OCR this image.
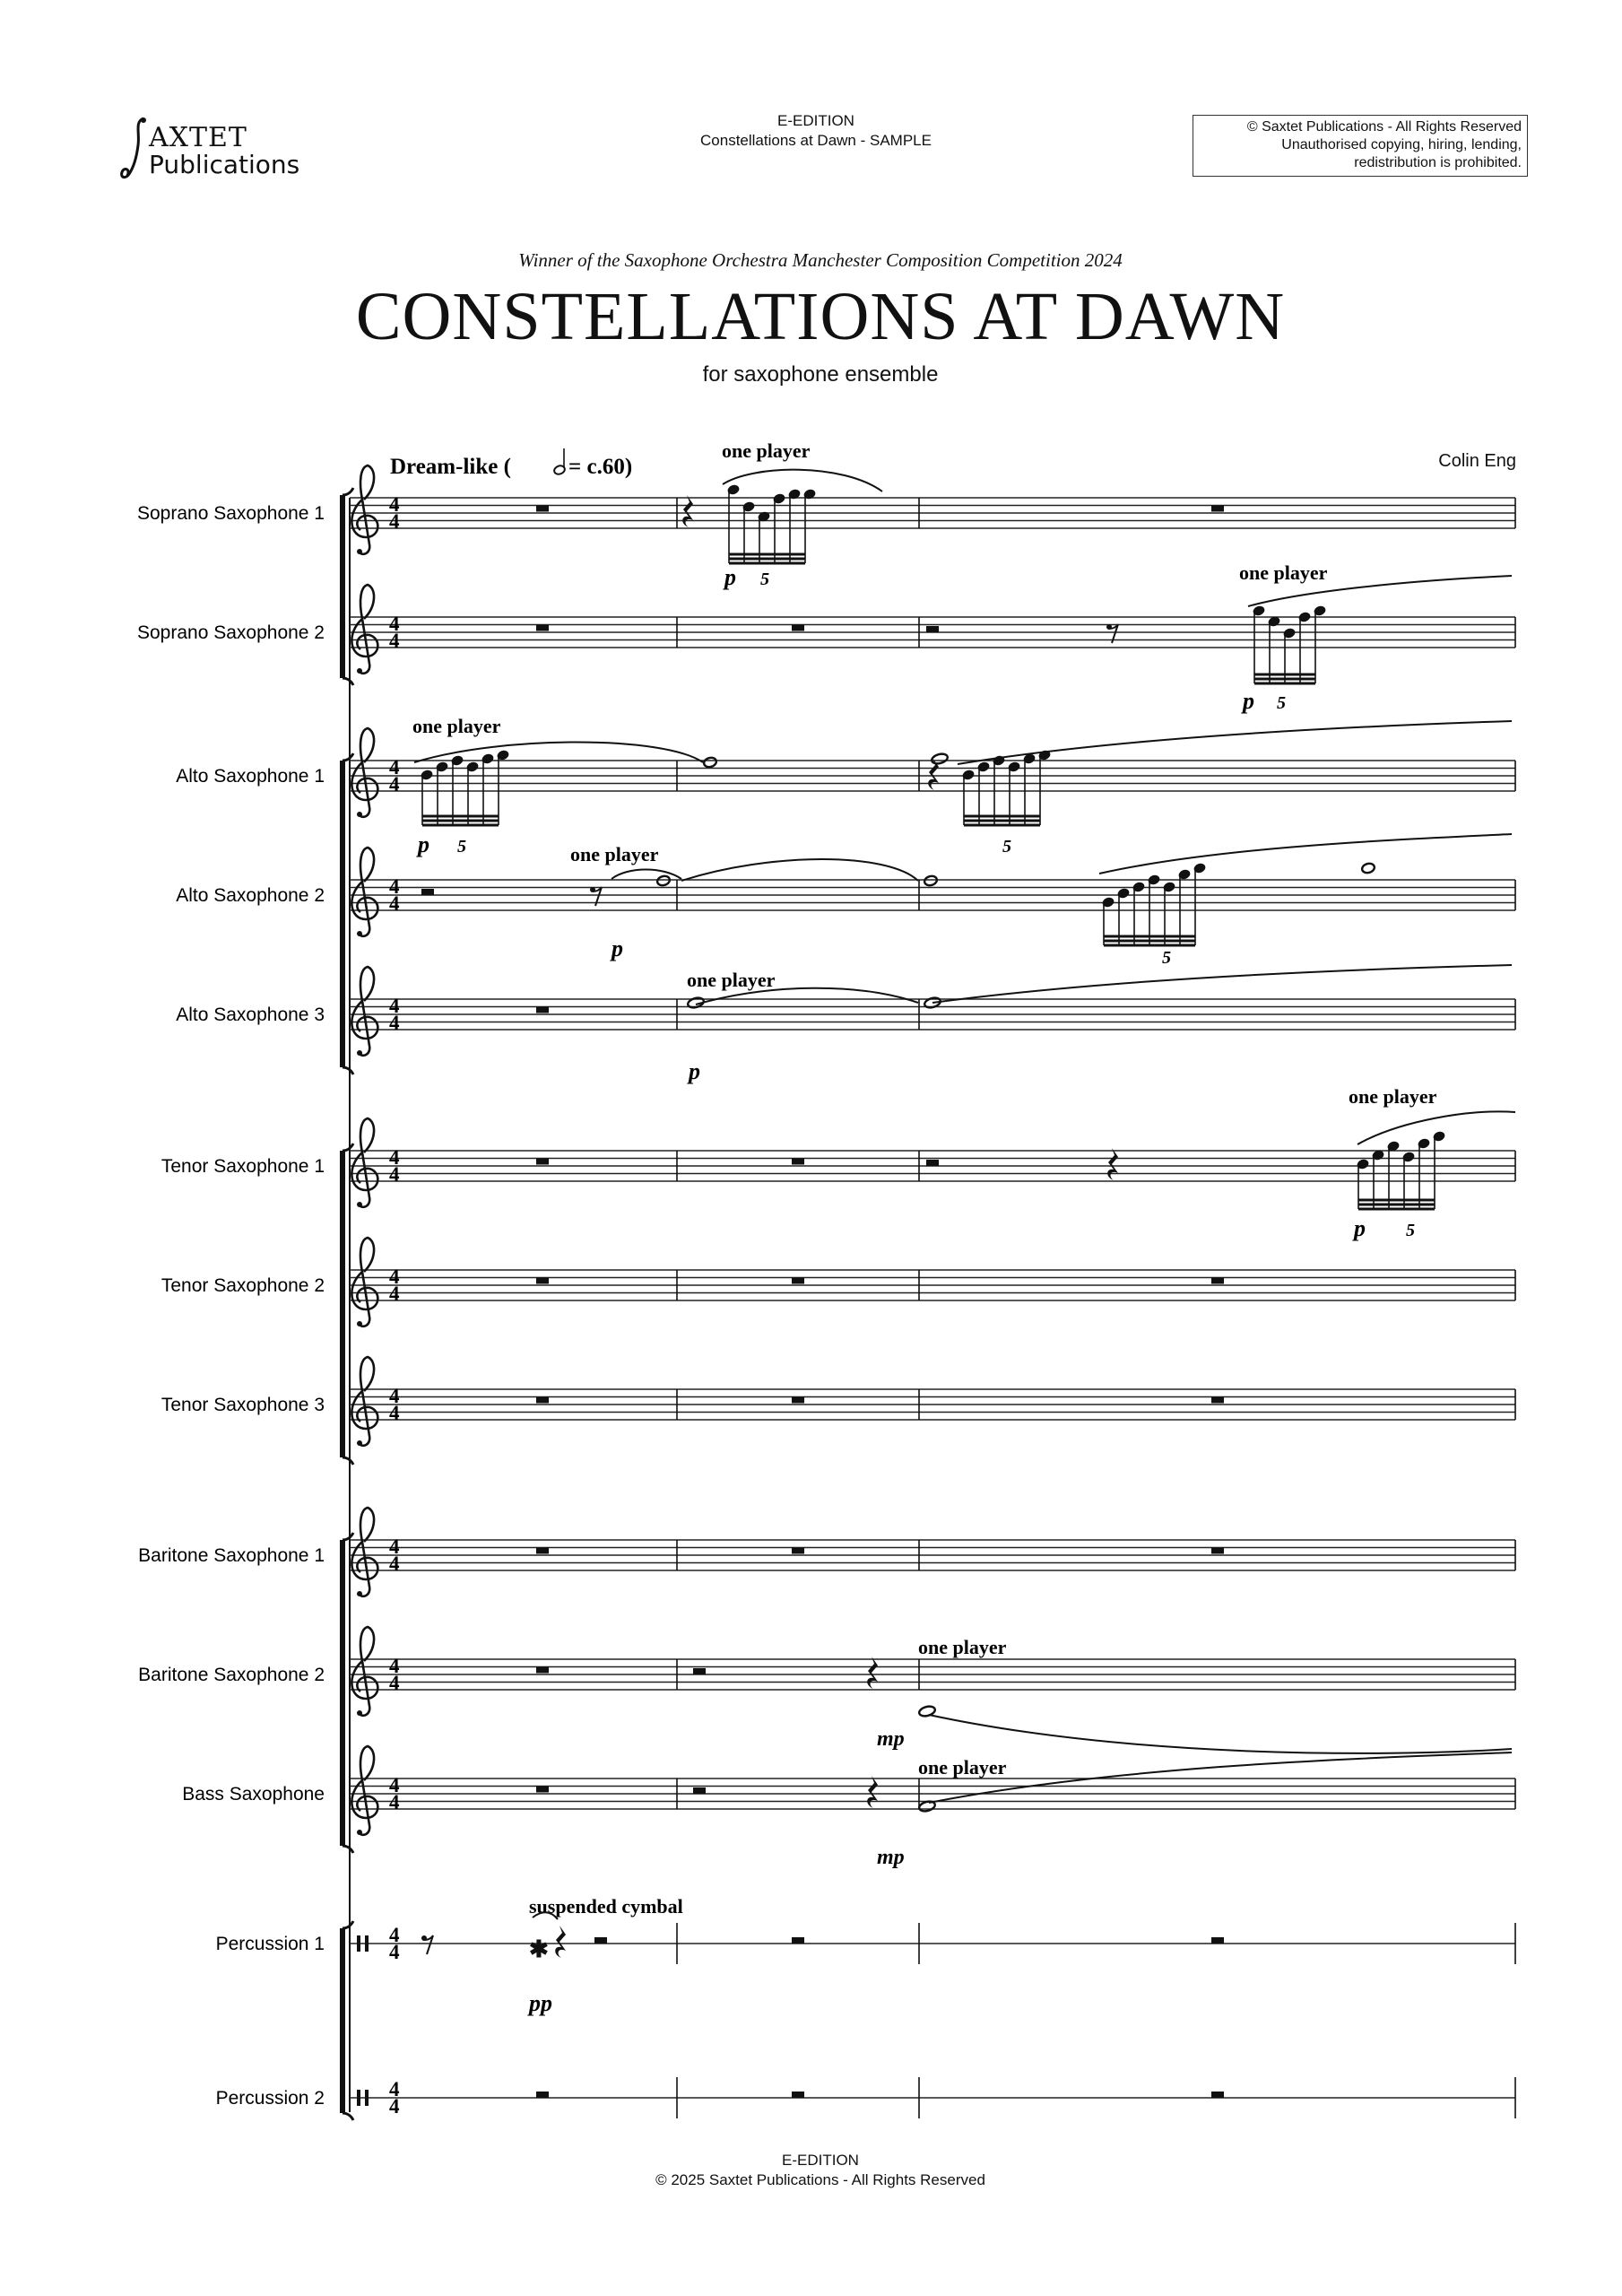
AXTET
Publications
E-EDITION
Constellations at Dawn - SAMPLE
© Saxtet Publications - All Rights Reserved
Unauthorised copying, hiring, lending,
redistribution is prohibited.
Winner of the Saxophone Orchestra Manchester Composition Competition 2024
CONSTELLATIONS AT DAWN
for saxophone ensemble
Colin Eng
Soprano Saxophone 1
Soprano Saxophone 2
Alto Saxophone 1
Alto Saxophone 2
Alto Saxophone 3
Tenor Saxophone 1
Tenor Saxophone 2
Tenor Saxophone 3
Baritone Saxophone 1
Baritone Saxophone 2
Bass Saxophone
Percussion 1
Percussion 2
Dream-like (	= c.60)
one player
one player
one player
one player
one player
one player
one player
one player
suspended cymbal
p 5
p 5
p 5	5
p	5
p
p 5
mp
mp
pp
✱
4
4
4
4
4
4
4
4
4
4
4
4
4
4
4
4
4
4
4
4
4
4
4
4
4
4
E-EDITION
© 2025 Saxtet Publications - All Rights Reserved
